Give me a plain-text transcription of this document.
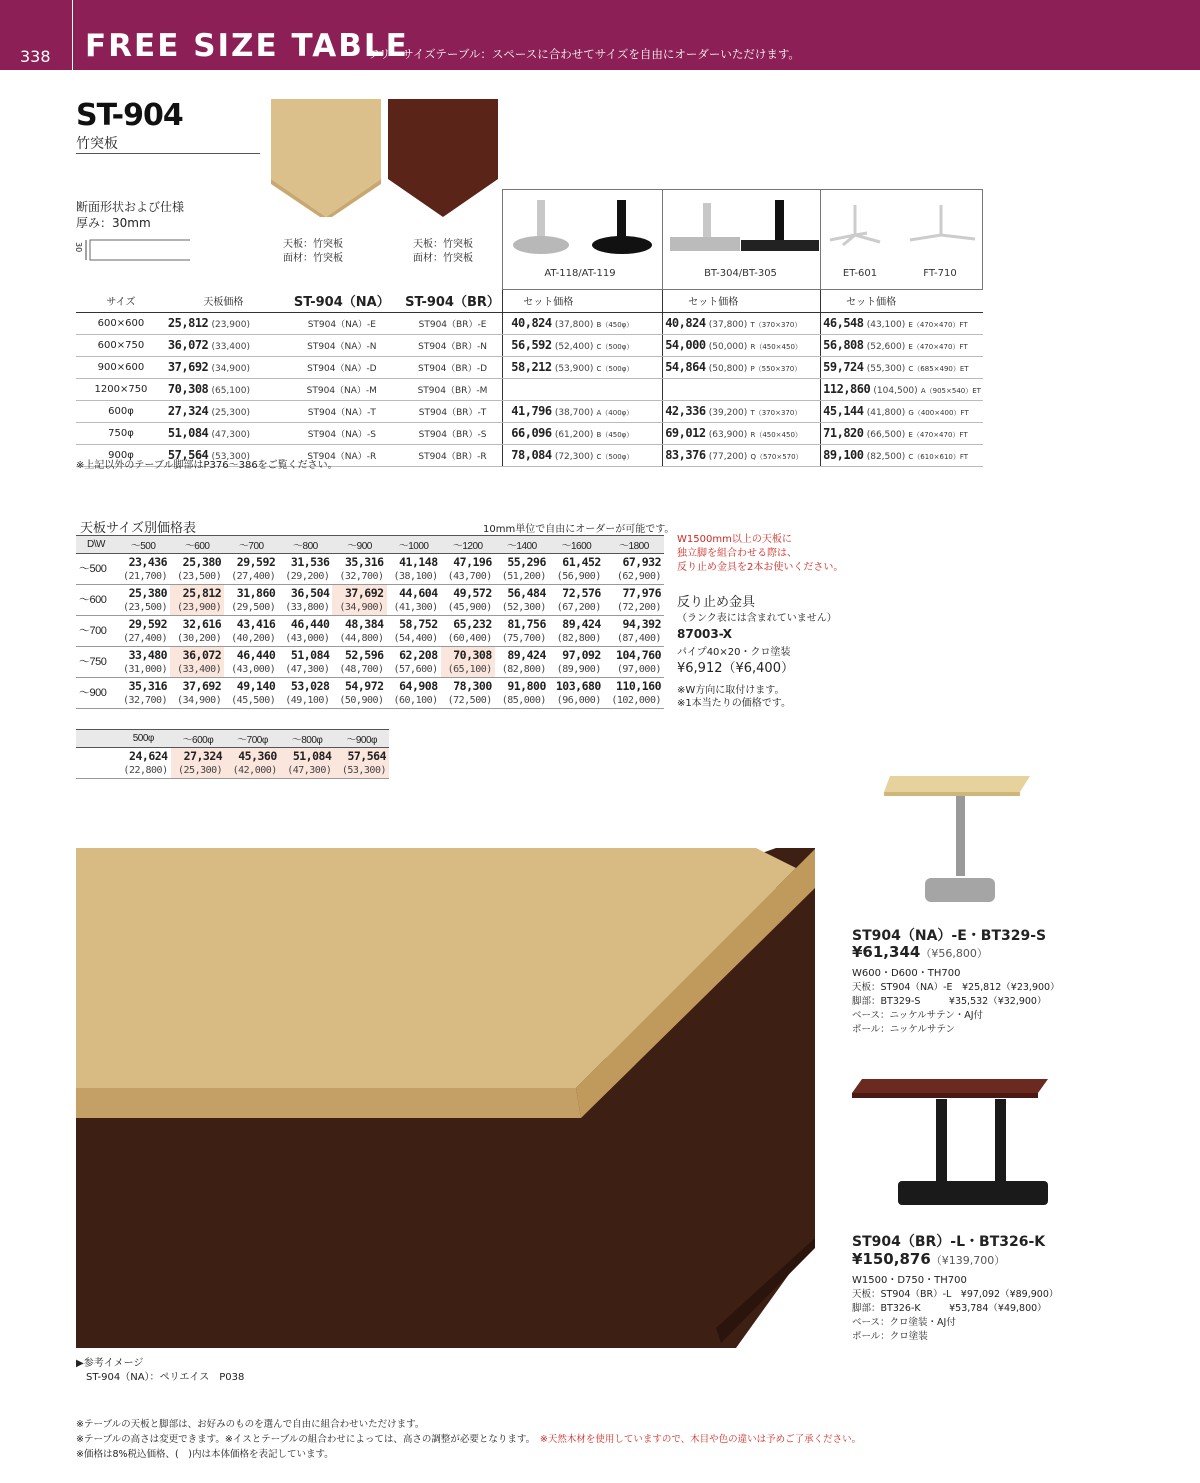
338 FREE SIZE TABLE
フリーサイズテーブル：スペースに合わせてサイズを自由にオーダーいただけます。
ST-904
竹突板
断面形状および仕様
厚み：30mm
30	天板：竹突板
面材：竹突板
天板：竹突板
面材：竹突板
AT-118/AT-119	BT-304/BT-305	ET-601	FT-710
サイズ	天板価格	ST-904（NA）	ST-904（BR）	セット価格	セット価格	セット価格
600×600	25,812 (23,900)	ST904（NA）-E	ST904（BR）-E	40,824 (37,800) B（450φ）	40,824 (37,800) T（370×370）	46,548 (43,100) E（470×470）FT
600×750	36,072 (33,400)	ST904（NA）-N	ST904（BR）-N	56,592 (52,400) C（500φ）	54,000 (50,000) R（450×450）	56,808 (52,600) E（470×470）FT
900×600	37,692 (34,900)	ST904（NA）-D	ST904（BR）-D	58,212 (53,900) C（500φ）	54,864 (50,800) P（550×370）	59,724 (55,300) C（685×490）ET
1200×750	70,308 (65,100)	ST904（NA）-M	ST904（BR）-M			112,860 (104,500) A（905×540）ET
600φ	27,324 (25,300)	ST904（NA）-T	ST904（BR）-T	41,796 (38,700) A（400φ）	42,336 (39,200) T（370×370）	45,144 (41,800) G（400×400）FT
750φ	51,084 (47,300)	ST904（NA）-S	ST904（BR）-S	66,096 (61,200) B（450φ）	69,012 (63,900) R（450×450）	71,820 (66,500) E（470×470）FT
900φ	57,564 (53,300)	ST904（NA）-R	ST904（BR）-R	78,084 (72,300) C（500φ）	83,376 (77,200) Q（570×570）	89,100 (82,500) C（610×610）FT
※上記以外のテーブル脚部はP376～386をご覧ください。
天板サイズ別価格表	10mm単位で自由にオーダーが可能です。
D\W	～500	～600	～700	～800	～900	～1000	～1200	～1400	～1600	～1800
～500	23,436	25,380	29,592	31,536	35,316	41,148	47,196	55,296	61,452	67,932
	(21,700)	(23,500)	(27,400)	(29,200)	(32,700)	(38,100)	(43,700)	(51,200)	(56,900)	(62,900)
～600	25,380	25,812	31,860	36,504	37,692	44,604	49,572	56,484	72,576	77,976
	(23,500)	(23,900)	(29,500)	(33,800)	(34,900)	(41,300)	(45,900)	(52,300)	(67,200)	(72,200)
～700	29,592	32,616	43,416	46,440	48,384	58,752	65,232	81,756	89,424	94,392
	(27,400)	(30,200)	(40,200)	(43,000)	(44,800)	(54,400)	(60,400)	(75,700)	(82,800)	(87,400)
～750	33,480	36,072	46,440	51,084	52,596	62,208	70,308	89,424	97,092	104,760
	(31,000)	(33,400)	(43,000)	(47,300)	(48,700)	(57,600)	(65,100)	(82,800)	(89,900)	(97,000)
～900	35,316	37,692	49,140	53,028	54,972	64,908	78,300	91,800	103,680	110,160
	(32,700)	(34,900)	(45,500)	(49,100)	(50,900)	(60,100)	(72,500)	(85,000)	(96,000)	(102,000)
	500φ	～600φ	～700φ	～800φ	～900φ
	24,624	27,324	45,360	51,084	57,564
	(22,800)	(25,300)	(42,000)	(47,300)	(53,300)
W1500mm以上の天板に
独立脚を組合わせる際は、
反り止め金具を2本お使いください。
反り止め金具
（ランク表には含まれていません）
87003-X
パイプ40×20・クロ塗装
¥6,912（¥6,400）
※W方向に取付けます。
※1本当たりの価格です。
▶参考イメージ
ST-904（NA）：ペリエイス　P038
ST904（NA）-E・BT329-S
¥61,344（¥56,800）
W600・D600・TH700
天板：ST904（NA）-E　¥25,812（¥23,900）
脚部：BT329-S　　　¥35,532（¥32,900）
ベース：ニッケルサテン・AJ付
ポール：ニッケルサテン
ST904（BR）-L・BT326-K
¥150,876（¥139,700）
W1500・D750・TH700
天板：ST904（BR）-L　¥97,092（¥89,900）
脚部：BT326-K　　　¥53,784（¥49,800）
ベース：クロ塗装・AJ付
ポール：クロ塗装
※テーブルの天板と脚部は、お好みのものを選んで自由に組合わせいただけます。
※テーブルの高さは変更できます。※イスとテーブルの組合わせによっては、高さの調整が必要となります。　 ※天然木材を使用していますので、木目や色の違いは予めご了承ください。
※価格は8%税込価格、(　)内は本体価格を表記しています。
